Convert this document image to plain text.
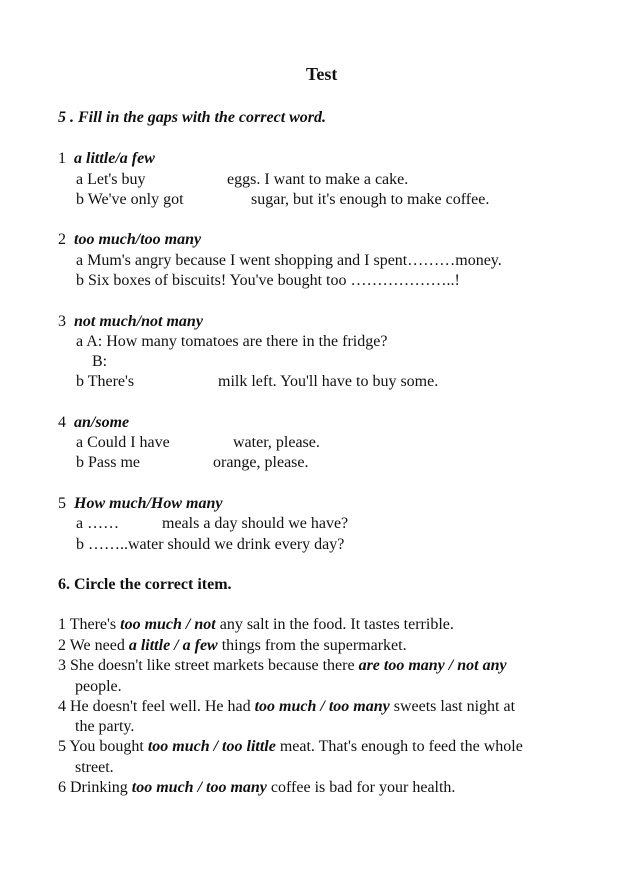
Test
5 . Fill in the gaps with the correct word.
1 a little/a few
a Let's buy	eggs. I want to make a cake.
b We've only got	sugar, but it's enough to make coffee.
2 too much/too many
a Mum's angry because I went shopping and I spent………money.
b Six boxes of biscuits! You've bought too ………………..!
3 not much/not many
a A: How many tomatoes are there in the fridge?
B:
b There's	milk left. You'll have to buy some.
4 an/some
a Could I have	water, please.
b Pass me	orange, please.
5 How much/How many
a ……	meals a day should we have?
b ……..water should we drink every day?
6. Circle the correct item.
1 There's too much / not any salt in the food. It tastes terrible.
2 We need a little / a few things from the supermarket.
3 She doesn't like street markets because there are too many / not any
people.
4 He doesn't feel well. He had too much / too many sweets last night at
the party.
5 You bought too much / too little meat. That's enough to feed the whole
street.
6 Drinking too much / too many coffee is bad for your health.
